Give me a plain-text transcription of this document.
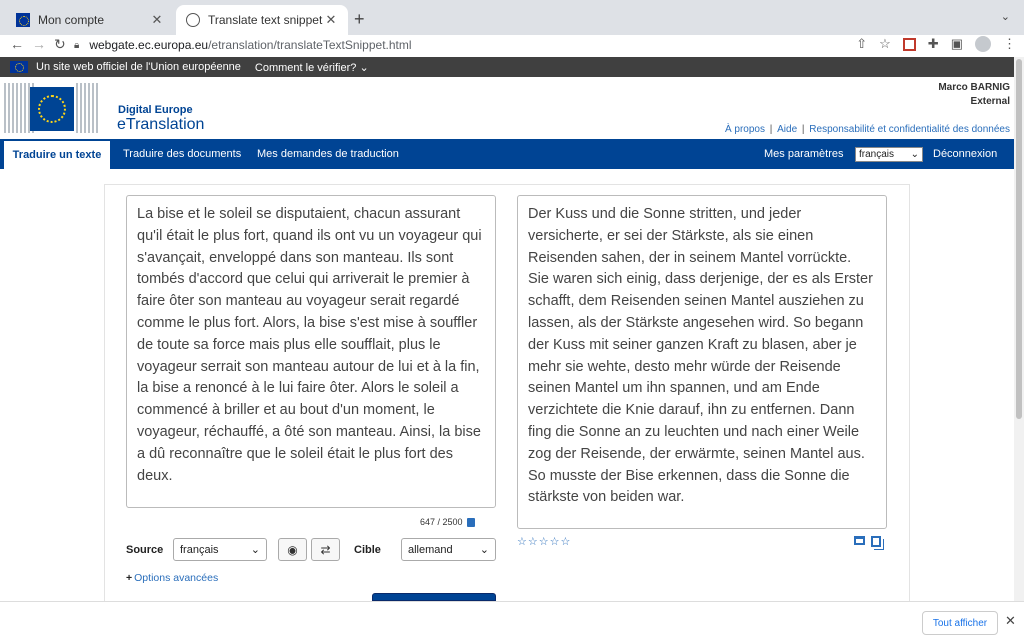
Mon compte	✕	Translate text snippet ✕ +	⌄
← → ↻ 🔒︎ webgate.ec.europa.eu /etranslation/translateTextSnippet.html	⇧ ☆	✚ ▣	⋮
Un site web officiel de l'Union européenne Comment le vérifier? ⌄
Digital Europe
eTranslation
Marco BARNIG
External
À propos | Aide | Responsabilité et confidentialité des données
Traduire un texte	Traduire des documents Mes demandes de traduction	Mes paramètres français ⌄ Déconnexion
La bise et le soleil se disputaient, chacun assurant qu'il était le plus fort, quand ils ont vu un voyageur qui s'avançait, enveloppé dans son manteau. Ils sont tombés d'accord que celui qui arriverait le premier à faire ôter son manteau au voyageur serait regardé comme le plus fort. Alors, la bise s'est mise à souffler de toute sa force mais plus elle soufflait, plus le voyageur serrait son manteau autour de lui et à la fin, la bise a renoncé à le lui faire ôter. Alors le soleil a commencé à briller et au bout d'un moment, le voyageur, réchauffé, a ôté son manteau. Ainsi, la bise a dû reconnaître que le soleil était le plus fort des deux.
Der Kuss und die Sonne stritten, und jeder versicherte, er sei der Stärkste, als sie einen Reisenden sahen, der in seinem Mantel vorrückte. Sie waren sich einig, dass derjenige, der es als Erster schafft, dem Reisenden seinen Mantel ausziehen zu lassen, als der Stärkste angesehen wird. So begann der Kuss mit seiner ganzen Kraft zu blasen, aber je mehr sie wehte, desto mehr würde der Reisende seinen Mantel um ihn spannen, und am Ende verzichtete die Knie darauf, ihn zu entfernen. Dann fing die Sonne an zu leuchten und nach einer Weile zog der Reisende, der erwärmte, seinen Mantel aus. So musste der Bise erkennen, dass die Sonne die stärkste von beiden war.
647 / 2500
☆☆☆☆☆
Source français	⌄ ◉ ⇄ Cible allemand ⌄
+ Options avancées
Tout afficher	✕
